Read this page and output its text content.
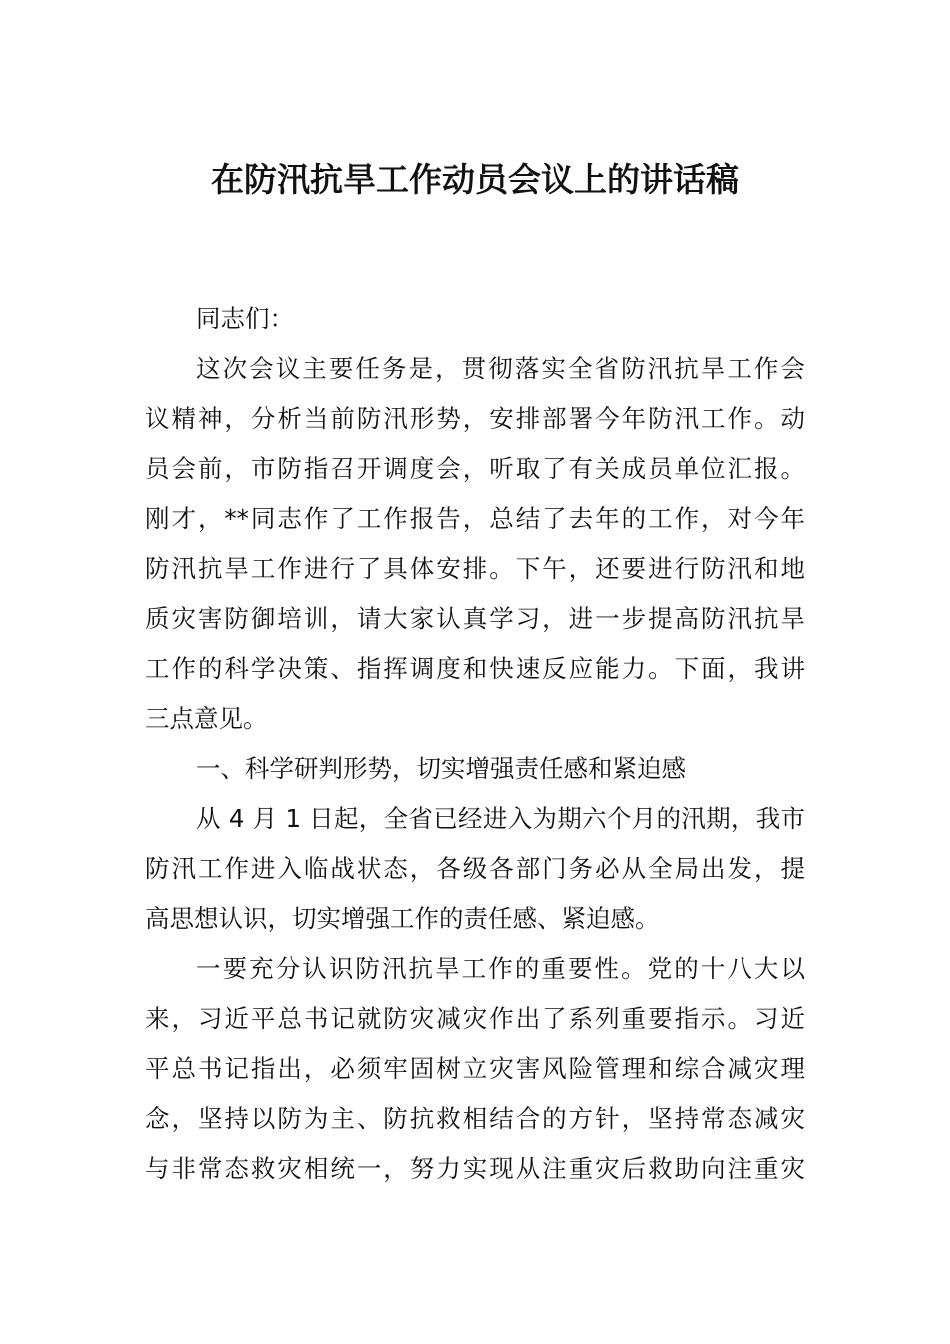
在防汛抗旱工作动员会议上的讲话稿
同志们：
这次会议主要任务是，贯彻落实全省防汛抗旱工作会
议精神，分析当前防汛形势，安排部署今年防汛工作。动
员会前，市防指召开调度会，听取了有关成员单位汇报。
刚才，**同志作了工作报告，总结了去年的工作，对今年
防汛抗旱工作进行了具体安排。下午，还要进行防汛和地
质灾害防御培训，请大家认真学习，进一步提高防汛抗旱
工作的科学决策、指挥调度和快速反应能力。下面，我讲
三点意见。
一、科学研判形势，切实增强责任感和紧迫感
从 4 月 1 日起，全省已经进入为期六个月的汛期，我市
防汛工作进入临战状态，各级各部门务必从全局出发，提
高思想认识，切实增强工作的责任感、紧迫感。
一要充分认识防汛抗旱工作的重要性。党的十八大以
来，习近平总书记就防灾减灾作出了系列重要指示。习近
平总书记指出，必须牢固树立灾害风险管理和综合减灾理
念，坚持以防为主、防抗救相结合的方针，坚持常态减灾
与非常态救灾相统一，努力实现从注重灾后救助向注重灾
